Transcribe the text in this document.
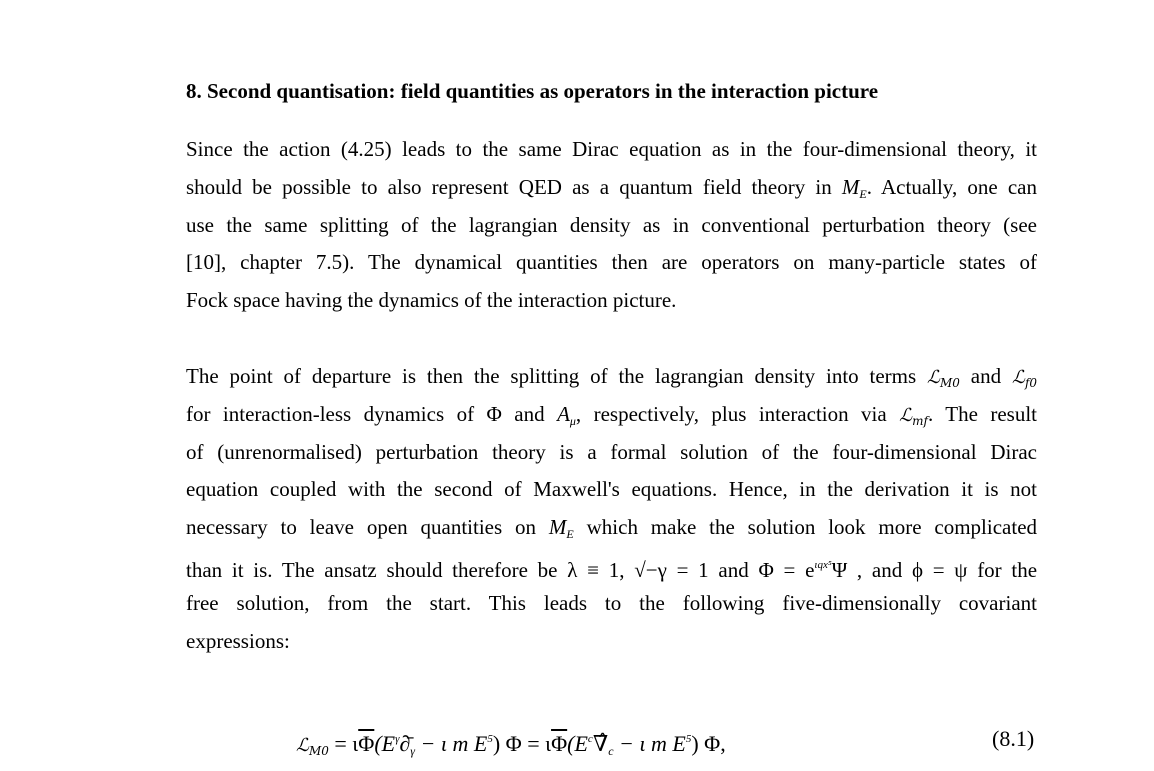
8. Second quantisation: field quantities as operators in the interaction picture
Since the action (4.25) leads to the same Dirac equation as in the four-dimensional theory, it
should be possible to also represent QED as a quantum field theory in $M_E$. Actually, one can
use the same splitting of the lagrangian density as in conventional perturbation theory (see
[10], chapter 7.5). The dynamical quantities then are operators on many-particle states of
Fock space having the dynamics of the interaction picture.
The point of departure is then the splitting of the lagrangian density into terms ℒ$_{M0}$ and ℒ$_{f0}$
for interaction-less dynamics of Φ and $A_\mu$, respectively, plus interaction via ℒ$_{mf}$. The result
of (unrenormalised) perturbation theory is a formal solution of the four-dimensional Dirac
equation coupled with the second of Maxwell's equations. Hence, in the derivation it is not
necessary to leave open quantities on $M_E$ which make the solution look more complicated
than it is. The ansatz should therefore be λ ≡ 1, √−γ = 1 and $\Phi = e^{\iota qx^5}\Psi$ , and ϕ = ψ for the
free solution, from the start. This leads to the following five-dimensionally covariant
expressions:
ℒ$_{M0}$ = $\iota\overline{\Phi}(E^\gamma\partial̄_\gamma - \iota$ m $E^5$) $\Phi = \iota\overline{\Phi}(E^c\nablâ_c - \iota$ m $E^5$) Φ,	(8.1)
